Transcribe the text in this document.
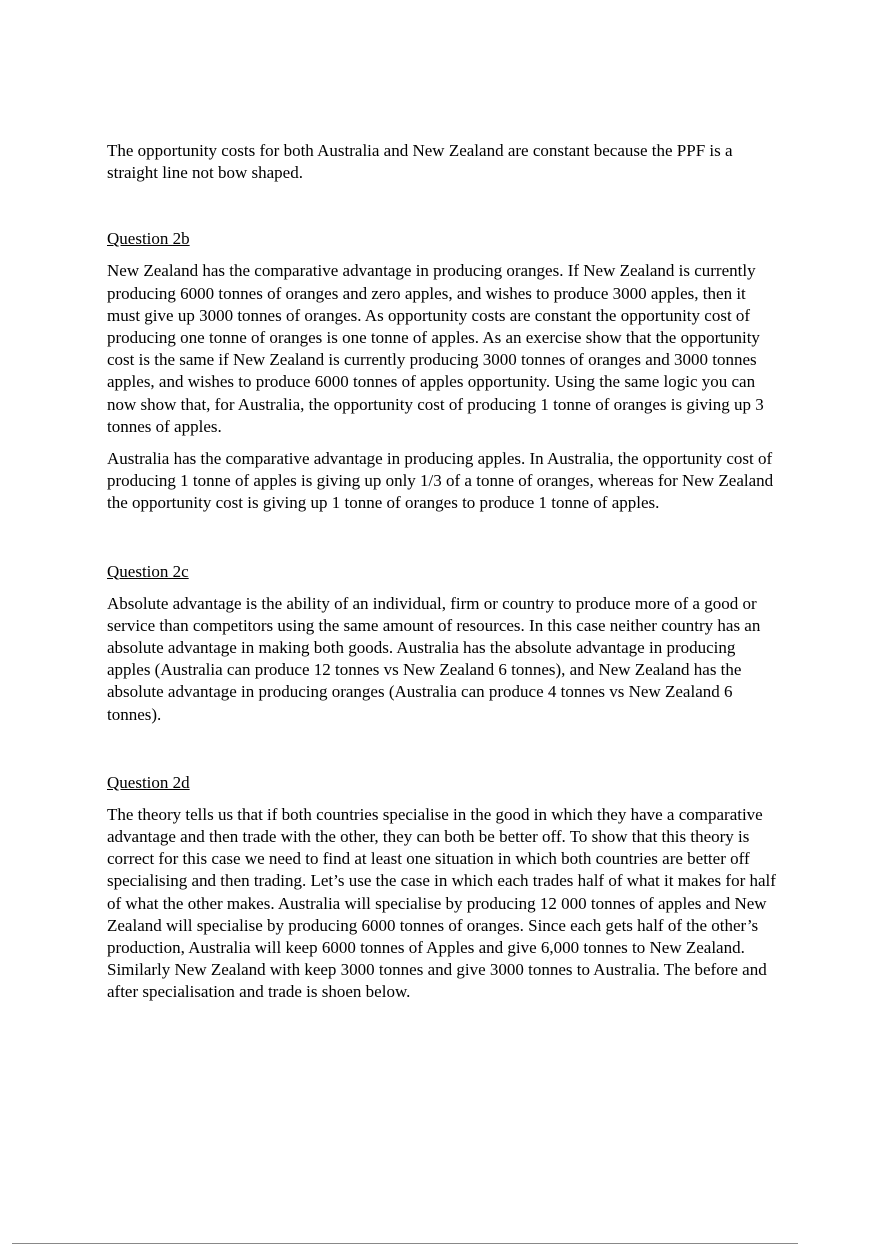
The opportunity costs for both Australia and New Zealand are constant because the PPF is a straight line not bow shaped.

Question 2b

New Zealand has the comparative advantage in producing oranges. If New Zealand is currently producing 6000 tonnes of oranges and zero apples, and wishes to produce 3000 apples, then it must give up 3000 tonnes of oranges. As opportunity costs are constant the opportunity cost of producing one tonne of oranges is one tonne of apples. As an exercise show that the opportunity cost is the same if New Zealand is currently producing 3000 tonnes of oranges and 3000 tonnes apples, and wishes to produce 6000 tonnes of apples opportunity. Using the same logic you can now show that, for Australia, the opportunity cost of producing 1 tonne of oranges is giving up 3 tonnes of apples.

Australia has the comparative advantage in producing apples. In Australia, the opportunity cost of producing 1 tonne of apples is giving up only 1/3 of a tonne of oranges, whereas for New Zealand the opportunity cost is giving up 1 tonne of oranges to produce 1 tonne of apples.

Question 2c

Absolute advantage is the ability of an individual, firm or country to produce more of a good or service than competitors using the same amount of resources. In this case neither country has an absolute advantage in making both goods. Australia has the absolute advantage in producing apples (Australia can produce 12 tonnes vs New Zealand 6 tonnes), and New Zealand has the absolute advantage in producing oranges (Australia can produce 4 tonnes vs New Zealand 6 tonnes).

Question 2d

The theory tells us that if both countries specialise in the good in which they have a comparative advantage and then trade with the other, they can both be better off. To show that this theory is correct for this case we need to find at least one situation in which both countries are better off specialising and then trading. Let’s use the case in which each trades half of what it makes for half of what the other makes. Australia will specialise by producing 12 000 tonnes of apples and New Zealand will specialise by producing 6000 tonnes of oranges. Since each gets half of the other’s production, Australia will keep 6000 tonnes of Apples and give 6,000 tonnes to New Zealand. Similarly New Zealand with keep 3000 tonnes and give 3000 tonnes to Australia. The before and after specialisation and trade is shoen below.
